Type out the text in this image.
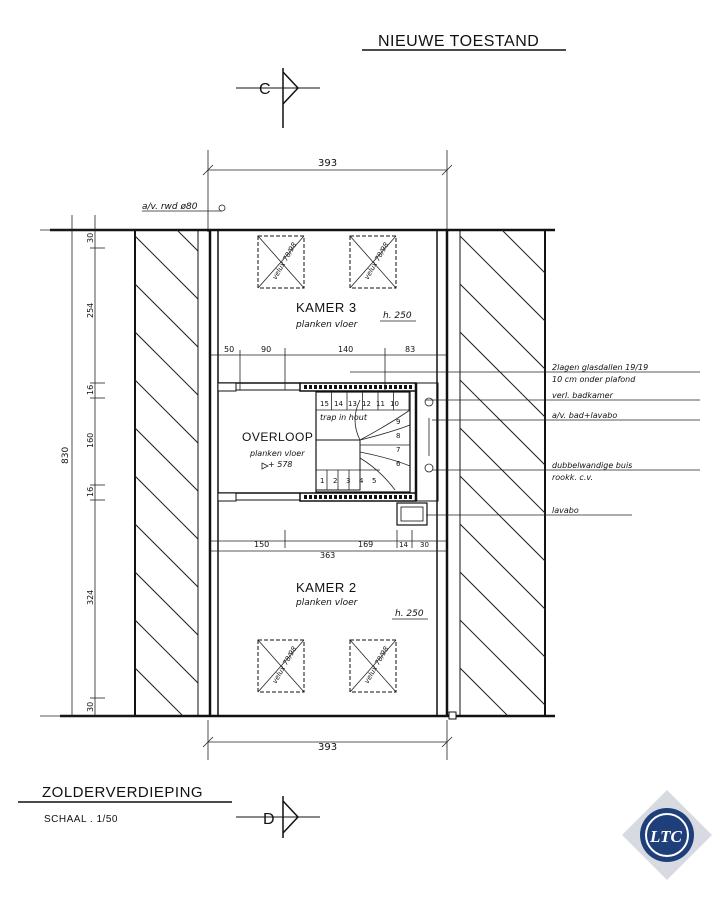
NIEUWE TOESTAND
C
393
a/v. rwd ø80
velux 78/98	velux 78/98
velux 78/98	velux 78/98
KAMER 3
planken vloer
h. 250
OVERLOOP
planken vloer
+ 578
KAMER 2
planken vloer
h. 250
trap in hout
15 14 13 12 11 10
9
8
7
6
1 2 3 4 5
50	90	140	83
150	169	14 30
363
830
30
254
16
160
16
324
30
2lagen glasdallen 19/19
10 cm onder plafond
verl. badkamer
a/v. bad+lavabo
dubbelwandige buis
rookk. c.v.
lavabo
393
ZOLDERVERDIEPING
SCHAAL . 1/50	D
LTC
